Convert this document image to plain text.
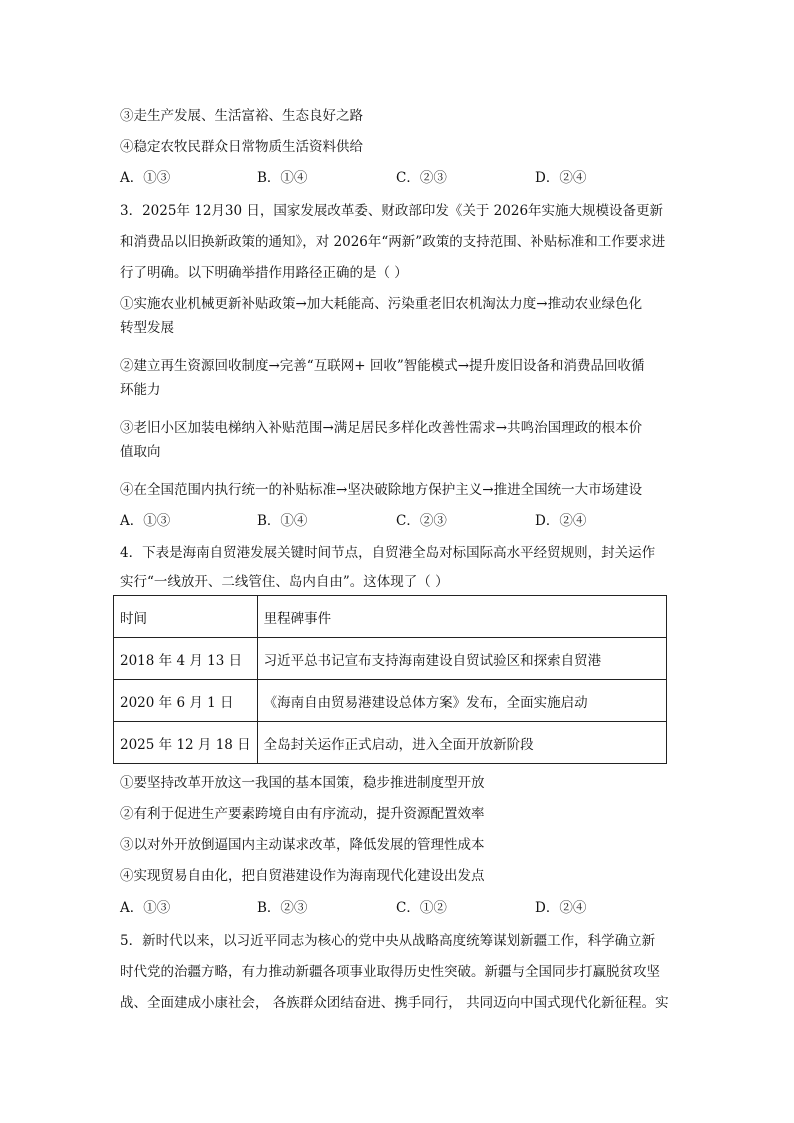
③走生产发展、生活富裕、生态良好之路
④稳定农牧民群众日常物质生活资料供给
A．①③	B．①④	C．②③	D．②④
3．2025年 12月30 日，国家发展改革委、财政部印发《关于 2026年实施大规模设备更新
和消费品以旧换新政策的通知》，对 2026年“两新”政策的支持范围、补贴标准和工作要求进
行了明确。以下明确举措作用路径正确的是（ ）
①实施农业机械更新补贴政策→加大耗能高、污染重老旧农机淘汰力度→推动农业绿色化
转型发展
②建立再生资源回收制度→完善“互联网+ 回收”智能模式→提升废旧设备和消费品回收循
环能力
③老旧小区加装电梯纳入补贴范围→满足居民多样化改善性需求→共鸣治国理政的根本价
值取向
④在全国范围内执行统一的补贴标准→坚决破除地方保护主义→推进全国统一大市场建设
A．①③	B．①④	C．②③	D．②④
4．下表是海南自贸港发展关键时间节点，自贸港全岛对标国际高水平经贸规则，封关运作
实行“一线放开、二线管住、岛内自由”。这体现了（ ）
时间	里程碑事件
2018 年 4 月 13 日	习近平总书记宣布支持海南建设自贸试验区和探索自贸港
2020 年 6 月 1 日	《海南自由贸易港建设总体方案》发布，全面实施启动
2025 年 12 月 18 日	全岛封关运作正式启动，进入全面开放新阶段
①要坚持改革开放这一我国的基本国策，稳步推进制度型开放
②有利于促进生产要素跨境自由有序流动，提升资源配置效率
③以对外开放倒逼国内主动谋求改革，降低发展的管理性成本
④实现贸易自由化，把自贸港建设作为海南现代化建设出发点
A．①③	B．②③	C．①②	D．②④
5．新时代以来，以习近平同志为核心的党中央从战略高度统筹谋划新疆工作，科学确立新
时代党的治疆方略，有力推动新疆各项事业取得历史性突破。新疆与全国同步打赢脱贫攻坚
战、全面建成小康社会， 各族群众团结奋进、携手同行， 共同迈向中国式现代化新征程。实
